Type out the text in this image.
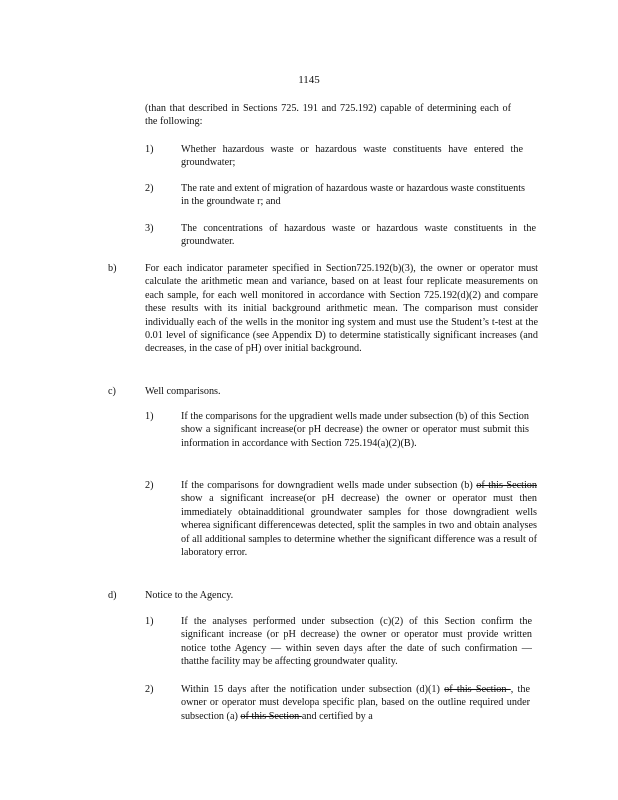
1145
(than that described in Sections 725. 191 and 725.192) capable of determining each of the following:
1)	Whether hazardous waste or hazardous waste constituents have entered the groundwater;
2)	The rate and extent of migration of hazardous waste or hazardous waste constituents in the groundwate r; and
3)	The concentrations of hazardous waste or hazardous waste constituents in the groundwater.
b)	For each indicator parameter specified in Section725.192(b)(3), the owner or operator must calculate the arithmetic mean and variance, based on at least four replicate measurements on each sample, for each well monitored in accordance with Section 725.192(d)(2) and compare these results with its initial background arithmetic mean. The comparison must consider individually each of the wells in the monitor ing system and must use the Student’s t-test at the 0.01 level of significance (see Appendix D) to determine statistically significant increases (and decreases, in the case of pH) over initial background.
c)	Well comparisons.
1)	If the comparisons for the upgradient wells made under subsection (b) of this Section show a significant increase(or pH decrease) the owner or operator must submit this information in accordance with Section 725.194(a)(2)(B).
2)	If the comparisons for downgradient wells made under subsection (b) of this Section show a significant increase(or pH decrease) the owner or operator must then immediately obtainadditional groundwater samples for those downgradient wells wherea significant differencewas detected, split the samples in two and obtain analyses of all additional samples to determine whether the significant difference was a result of laboratory error.
d)	Notice to the Agency.
1)	If the analyses performed under subsection (c)(2) of this Section confirm the significant increase (or pH decrease) the owner or operator must provide written notice tothe Agency — within seven days after the date of such confirmation — thatthe facility may be affecting groundwater quality.
2)	Within 15 days after the notification under subsection (d)(1) of this Section , the owner or operator must developa specific plan, based on the outline required under subsection (a) of this Section and certified by a
